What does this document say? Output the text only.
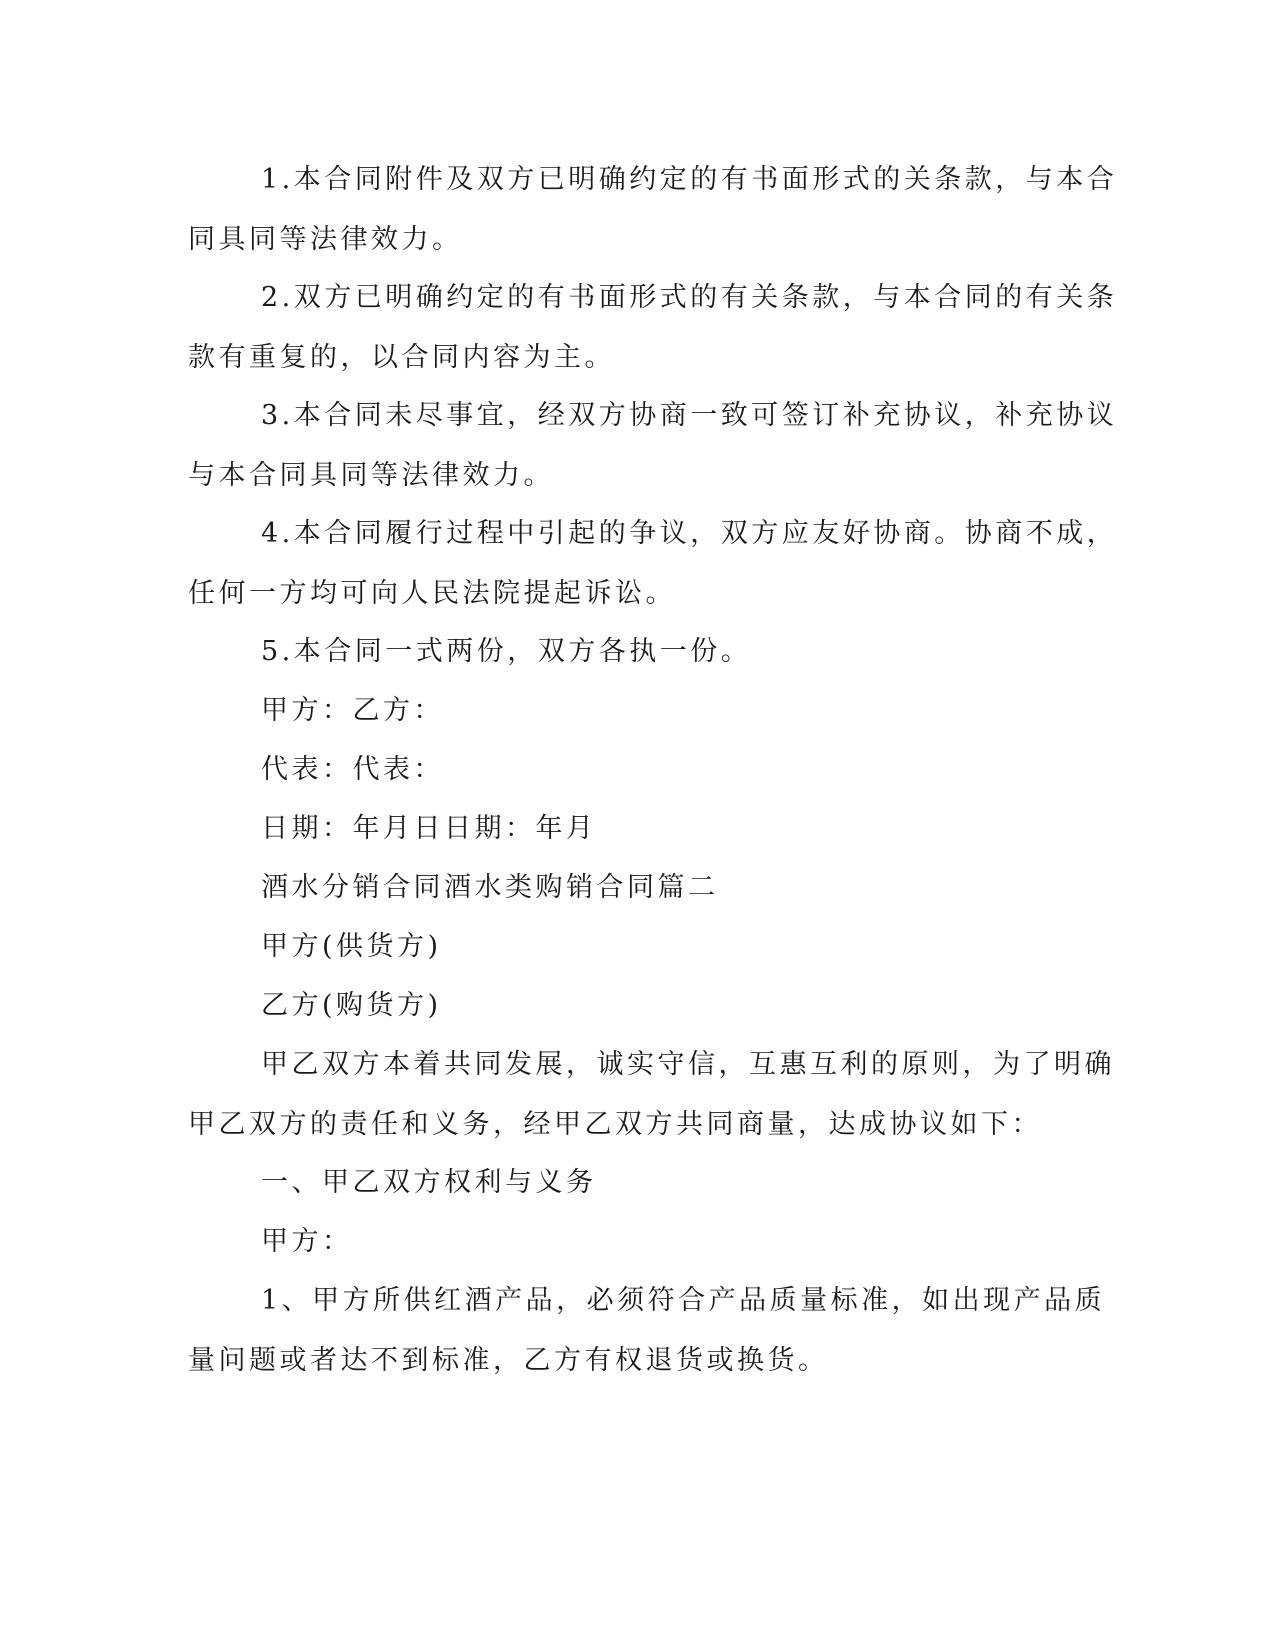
1.本合同附件及双方已明确约定的有书面形式的关条款，与本合
同具同等法律效力。

2.双方已明确约定的有书面形式的有关条款，与本合同的有关条
款有重复的，以合同内容为主。

3.本合同未尽事宜，经双方协商一致可签订补充协议，补充协议
与本合同具同等法律效力。

4.本合同履行过程中引起的争议，双方应友好协商。协商不成，
任何一方均可向人民法院提起诉讼。

5.本合同一式两份，双方各执一份。

甲方：乙方：

代表：代表：

日期：年月日日期：年月

酒水分销合同酒水类购销合同篇二

甲方(供货方)

乙方(购货方)

甲乙双方本着共同发展，诚实守信，互惠互利的原则，为了明确
甲乙双方的责任和义务，经甲乙双方共同商量，达成协议如下：

一、甲乙双方权利与义务

甲方：

1、甲方所供红酒产品，必须符合产品质量标准，如出现产品质
量问题或者达不到标准，乙方有权退货或换货。
